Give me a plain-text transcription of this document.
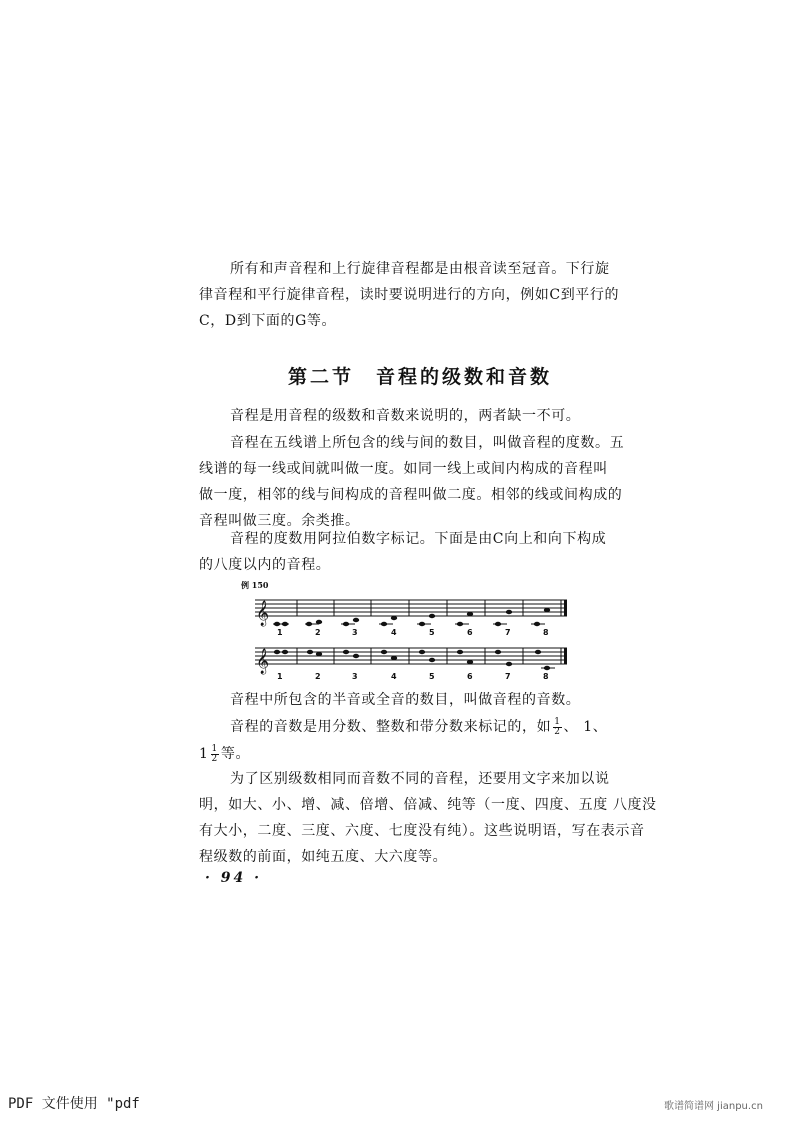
所有和声音程和上行旋律音程都是由根音读至冠音。下行旋
律音程和平行旋律音程，读时要说明进行的方向，例如C到平行的
C，D到下面的G等。
第二节　音程的级数和音数
音程是用音程的级数和音数来说明的，两者缺一不可。
音程在五线谱上所包含的线与间的数目，叫做音程的度数。五
线谱的每一线或间就叫做一度。如同一线上或间内构成的音程叫
做一度，相邻的线与间构成的音程叫做二度。相邻的线或间构成的
音程叫做三度。余类推。
音程的度数用阿拉伯数字标记。下面是由C向上和向下构成
的八度以内的音程。
例 150
𝄞
1	2	3	4	5	6	7	8
𝄞
1	2	3	4	5	6	7	8
音程中所包含的半音或全音的数目，叫做音程的音数。
音程的音数是用分数、整数和带分数来标记的，如 $\frac{1}{2}$ 、 1、
$1 \frac{1}{2}$ 等。
为了区别级数相同而音数不同的音程，还要用文字来加以说
明，如大、小、增、减、倍增、倍减、纯等（一度、四度、五度 八度没
有大小，二度、三度、六度、七度没有纯）。这些说明语，写在表示音
程级数的前面，如纯五度、大六度等。
· 94 ·
PDF 文件使用 "pdf	歌谱简谱网 jianpu.cn
